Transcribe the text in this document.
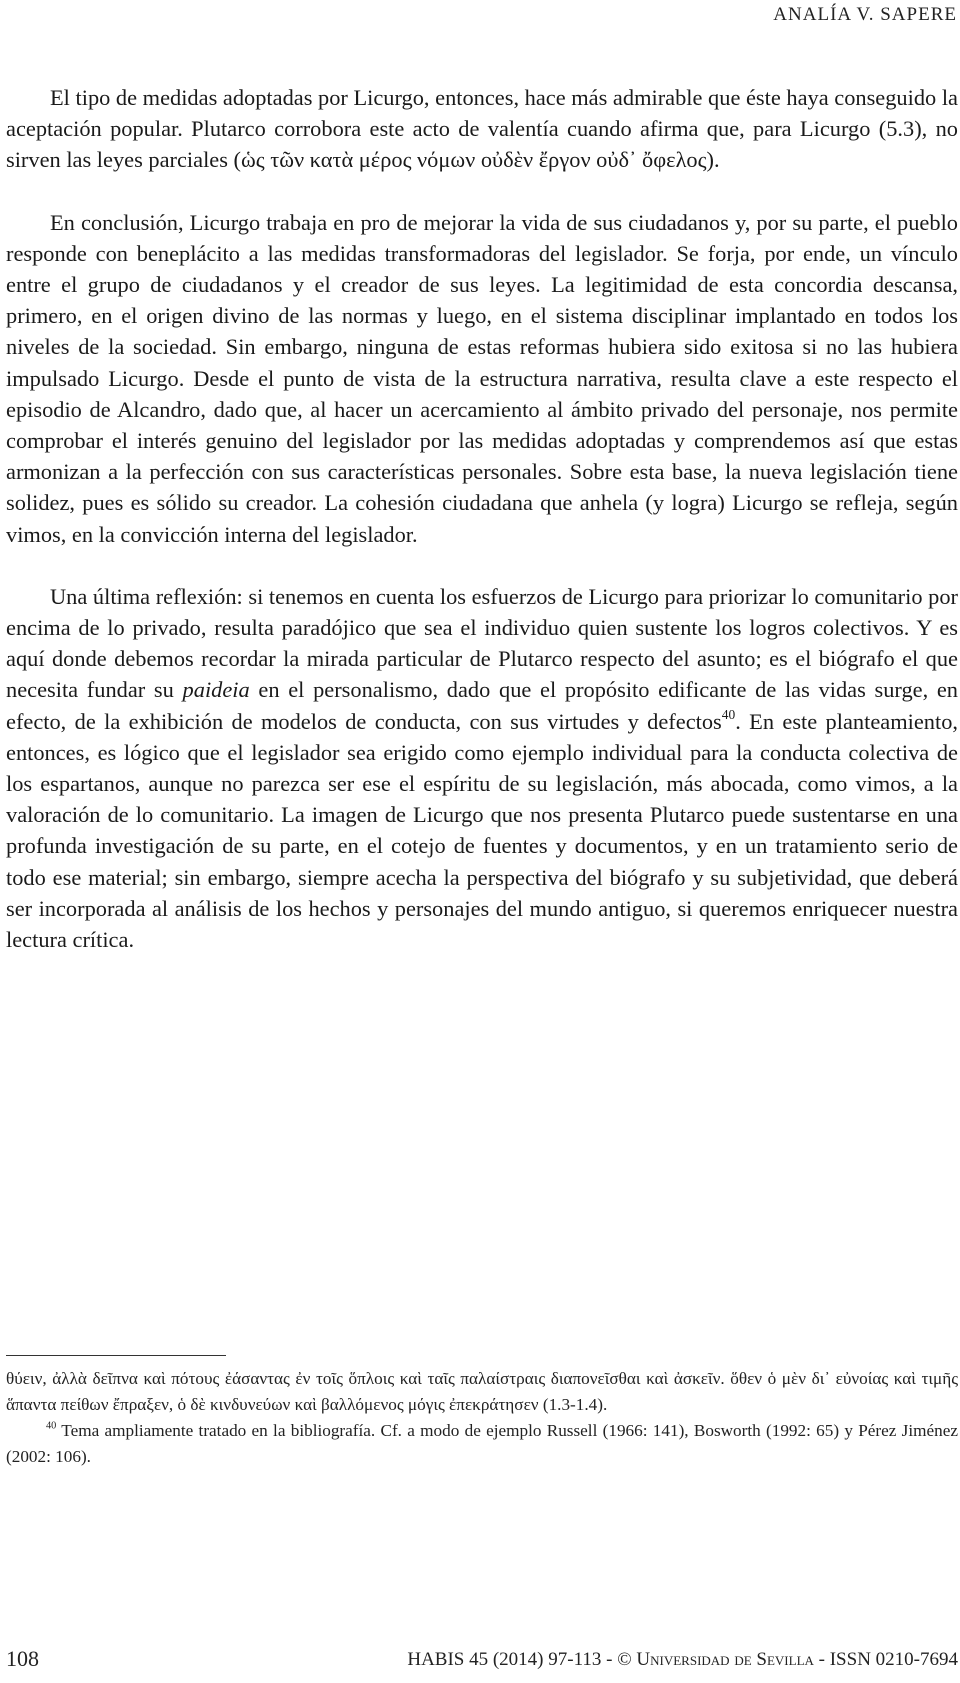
ANALÍA V. SAPERE

El tipo de medidas adoptadas por Licurgo, entonces, hace más admirable que éste haya conseguido la aceptación popular. Plutarco corrobora este acto de valentía cuando afirma que, para Licurgo (5.3), no sirven las leyes parciales (ὡς τῶν κατὰ μέρος νόμων οὐδὲν ἔργον οὐδ᾽ ὄφελος).

En conclusión, Licurgo trabaja en pro de mejorar la vida de sus ciudadanos y, por su parte, el pueblo responde con beneplácito a las medidas transformadoras del legislador. Se forja, por ende, un vínculo entre el grupo de ciudadanos y el creador de sus leyes. La legitimidad de esta concordia descansa, primero, en el origen divino de las normas y luego, en el sistema disciplinar implantado en todos los niveles de la sociedad. Sin embargo, ninguna de estas reformas hubiera sido exitosa si no las hubiera impulsado Licurgo. Desde el punto de vista de la estructura narrativa, resulta clave a este respecto el episodio de Alcandro, dado que, al hacer un acercamiento al ámbito privado del personaje, nos permite comprobar el interés genuino del legislador por las medidas adoptadas y comprendemos así que estas armonizan a la perfección con sus características personales. Sobre esta base, la nueva legislación tiene solidez, pues es sólido su creador. La cohesión ciudadana que anhela (y logra) Licurgo se refleja, según vimos, en la convicción interna del legislador.

Una última reflexión: si tenemos en cuenta los esfuerzos de Licurgo para priorizar lo comunitario por encima de lo privado, resulta paradójico que sea el individuo quien sustente los logros colectivos. Y es aquí donde debemos recordar la mirada particular de Plutarco respecto del asunto; es el biógrafo el que necesita fundar su paideia en el personalismo, dado que el propósito edificante de las vidas surge, en efecto, de la exhibición de modelos de conducta, con sus virtudes y defectos$^{40}$. En este planteamiento, entonces, es lógico que el legislador sea erigido como ejemplo individual para la conducta colectiva de los espartanos, aunque no parezca ser ese el espíritu de su legislación, más abocada, como vimos, a la valoración de lo comunitario. La imagen de Licurgo que nos presenta Plutarco puede sustentarse en una profunda investigación de su parte, en el cotejo de fuentes y documentos, y en un tratamiento serio de todo ese material; sin embargo, siempre acecha la perspectiva del biógrafo y su subjetividad, que deberá ser incorporada al análisis de los hechos y personajes del mundo antiguo, si queremos enriquecer nuestra lectura crítica.

θύειν, ἀλλὰ δεῖπνα καὶ πότους ἐάσαντας ἐν τοῖς ὅπλοις καὶ ταῖς παλαίστραις διαπονεῖσθαι καὶ ἀσκεῖν. ὅθεν ὁ μὲν δι᾽ εὐνοίας καὶ τιμῆς ἅπαντα πείθων ἔπραξεν, ὁ δὲ κινδυνεύων καὶ βαλλόμενος μόγις ἐπεκράτησεν (1.3-1.4).

$^{40}$ Tema ampliamente tratado en la bibliografía. Cf. a modo de ejemplo Russell (1966: 141), Bosworth (1992: 65) y Pérez Jiménez (2002: 106).

108	HABIS 45 (2014) 97-113 - © Universidad de Sevilla - ISSN 0210-7694
